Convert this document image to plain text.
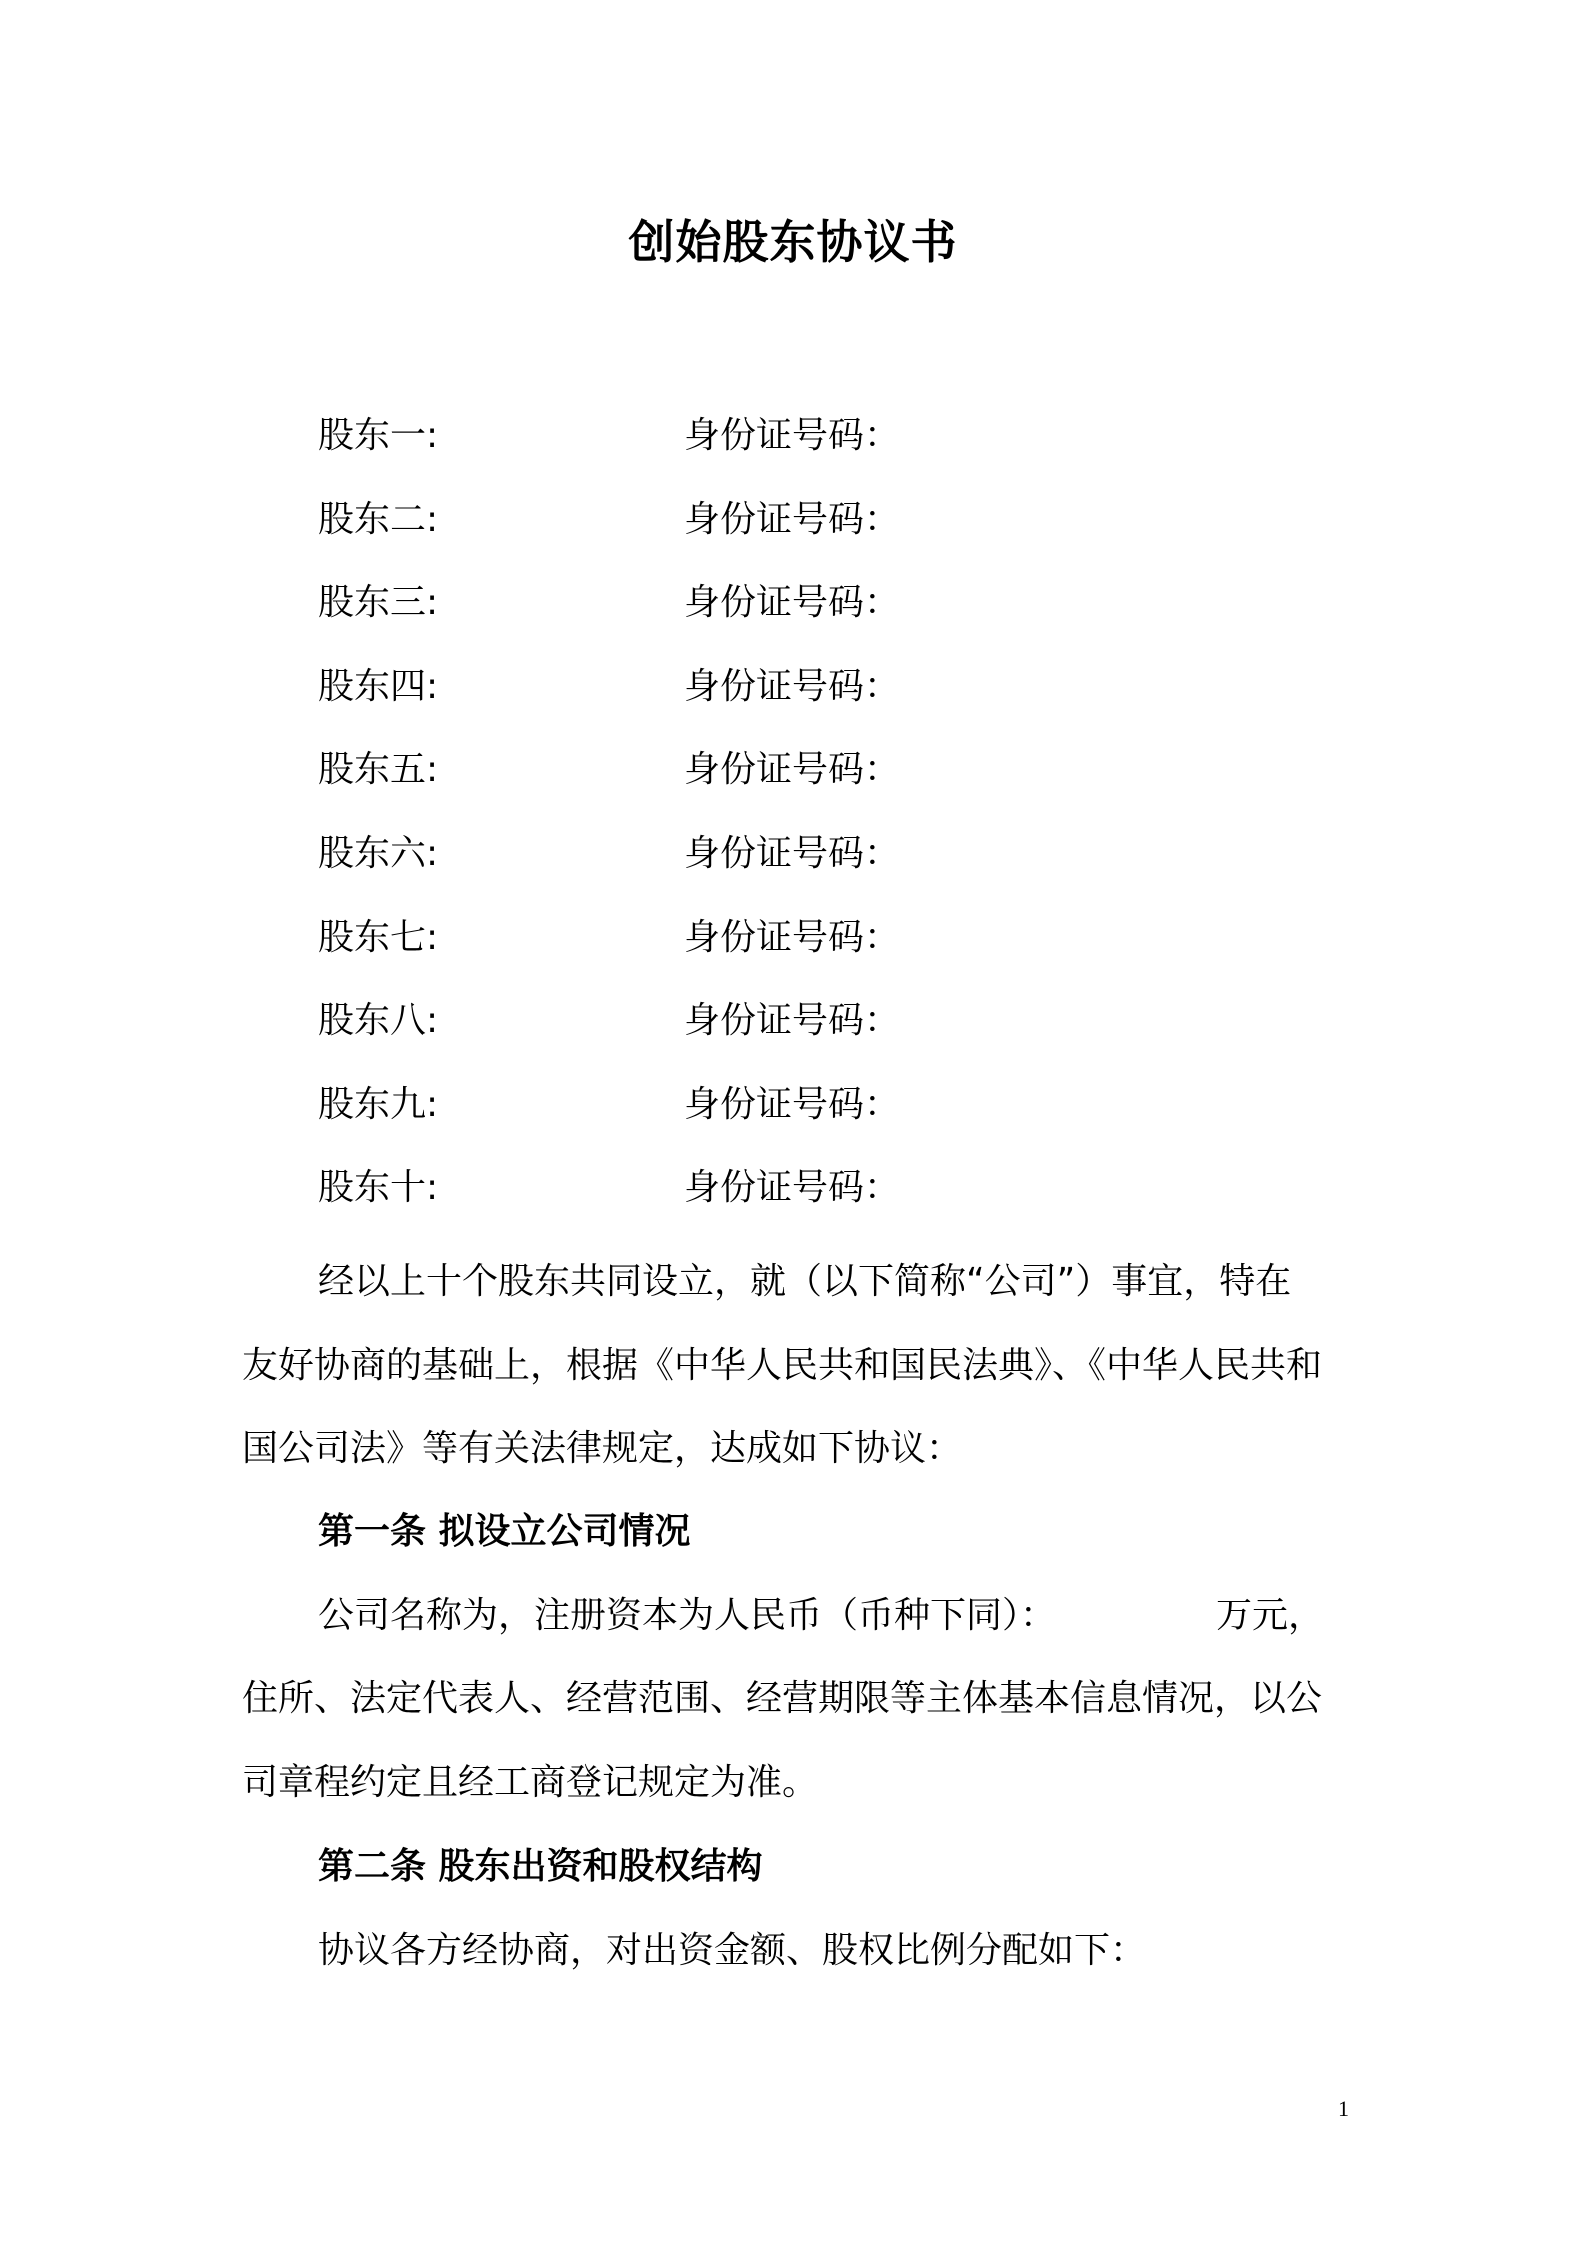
创始股东协议书
股东一:	身份证号码：
股东二:	身份证号码：
股东三:	身份证号码：
股东四:	身份证号码：
股东五:	身份证号码：
股东六:	身份证号码：
股东七:	身份证号码：
股东八:	身份证号码：
股东九:	身份证号码：
股东十:	身份证号码：
经以上十个股东共同设立，就（以下简称“公司”）事宜，特在
友好协商的基础上，根据《中华人民共和国民法典》、《中华人民共和
国公司法》等有关法律规定，达成如下协议：
第一条 拟设立公司情况
公司名称为，注册资本为人民币（币种下同）：	万元，
住所、法定代表人、经营范围、经营期限等主体基本信息情况，以公
司章程约定且经工商登记规定为准。
第二条 股东出资和股权结构
协议各方经协商，对出资金额、股权比例分配如下：
1
